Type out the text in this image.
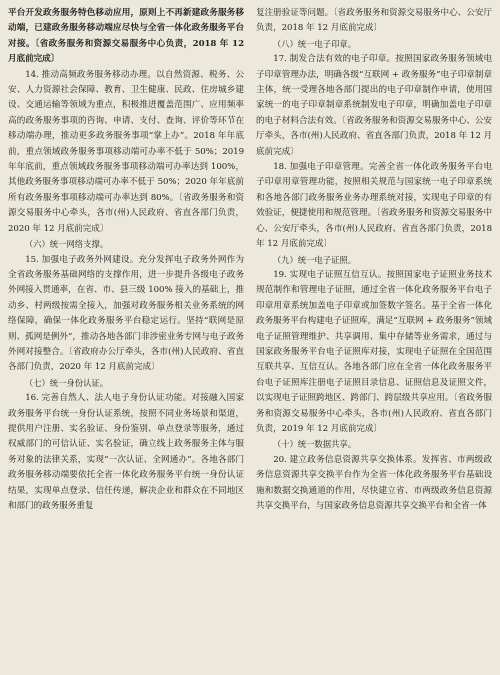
平台开发政务服务特色移动应用，原则上不再新建政务服务移动端，已建政务服务移动端应尽快与全省一体化政务服务平台对接。〔省政务服务和资源交易服务中心负责，2018 年 12 月底前完成〕

14. 推动高频政务服务移动办理。以自然资源、税务、公安、人力资源社会保障、教育、卫生健康、民政、住房城乡建设、交通运输等领域为重点，积极推进覆盖范围广、应用频率高的政务服务事项的咨询、申请、支付、查询、评价等环节在移动端办理，推动更多政务服务事项“掌上办”。2018 年年底前，重点领域政务服务事项移动端可办率不低于 50%；2019 年年底前，重点领域政务服务事项移动端可办率达到 100%，其他政务服务事项移动端可办率不低于 50%；2020 年年底前所有政务服务事项移动端可办率达到 80%。〔省政务服务和资源交易服务中心牵头，各市(州)人民政府、省直各部门负责，2020 年 12 月底前完成〕

（六）统一网络支撑。

15. 加强电子政务外网建设。充分发挥电子政务外网作为全省政务服务基础网络的支撑作用，进一步提升各级电子政务外网接入贯通率，在省、市、县三级 100% 接入的基础上，推动乡、村两级按需全接入，加强对政务服务相关业务系统的网络保障，确保一体化政务服务平台稳定运行。坚持“联网是原则、孤网是例外”，推动各地各部门非涉密业务专网与电子政务外网对接整合。〔省政府办公厅牵头，各市(州)人民政府、省直各部门负责，2020 年 12 月底前完成〕

（七）统一身份认证。

16. 完善自然人、法人电子身份认证功能。对接融入国家政务服务平台统一身份认证系统，按照不同业务场景和渠道，提供用户注册、实名验证、身份鉴别、单点登录等服务，通过权威部门的可信认证、实名验证，确立线上政务服务主体与服务对象的法律关系，实现“一次认证、全网通办”。各地各部门政务服务移动端要依托全省一体化政务服务平台统一身份认证结果，实现单点登录、信任传递，解决企业和群众在不同地区和部门的政务服务重复

复注册验证等问题。〔省政务服务和资源交易服务中心、公安厅负责，2018 年 12 月底前完成〕

（八）统一电子印章。

17. 制发合法有效的电子印章。按照国家政务服务领域电子印章管理办法，明确各级“互联网 + 政务服务”电子印章制章主体，统一受理各地各部门提出的电子印章制作申请，使用国家统一的电子印章制章系统制发电子印章，明确加盖电子印章的电子材料合法有效。〔省政务服务和资源交易服务中心、公安厅牵头，各市(州)人民政府、省直各部门负责，2018 年 12 月底前完成〕

18. 加强电子印章管理。完善全省一体化政务服务平台电子印章用章管理功能，按照相关规范与国家统一电子印章系统和各地各部门政务服务业务办理系统对接，实现电子印章的有效验证，便捷使用和规范管理。〔省政务服务和资源交易服务中心、公安厅牵头，各市(州)人民政府、省直各部门负责，2018 年 12 月底前完成〕

（九）统一电子证照。

19. 实现电子证照互信互认。按照国家电子证照业务技术规范制作和管理电子证照，通过全省一体化政务服务平台电子印章用章系统加盖电子印章或加签数字签名。基于全省一体化政务服务平台构建电子证照库，满足“互联网 + 政务服务”领域电子证照管理维护、共享调用、集中存储等业务需求，通过与国家政务服务平台电子证照库对接，实现电子证照在全国范围互联共享、互信互认。各地各部门应在全省一体化政务服务平台电子证照库注册电子证照目录信息、证照信息及证照文件，以实现电子证照跨地区、跨部门、跨层级共享应用。〔省政务服务和资源交易服务中心牵头，各市(州)人民政府、省直各部门负责，2019 年 12 月底前完成〕

（十）统一数据共享。

20. 建立政务信息资源共享交换体系。发挥省、市两级政务信息资源共享交换平台作为全省一体化政务服务平台基础设施和数据交换通道的作用，尽快建立省、市两级政务信息资源共享交换平台，与国家政务信息资源共享交换平台和全省一体
